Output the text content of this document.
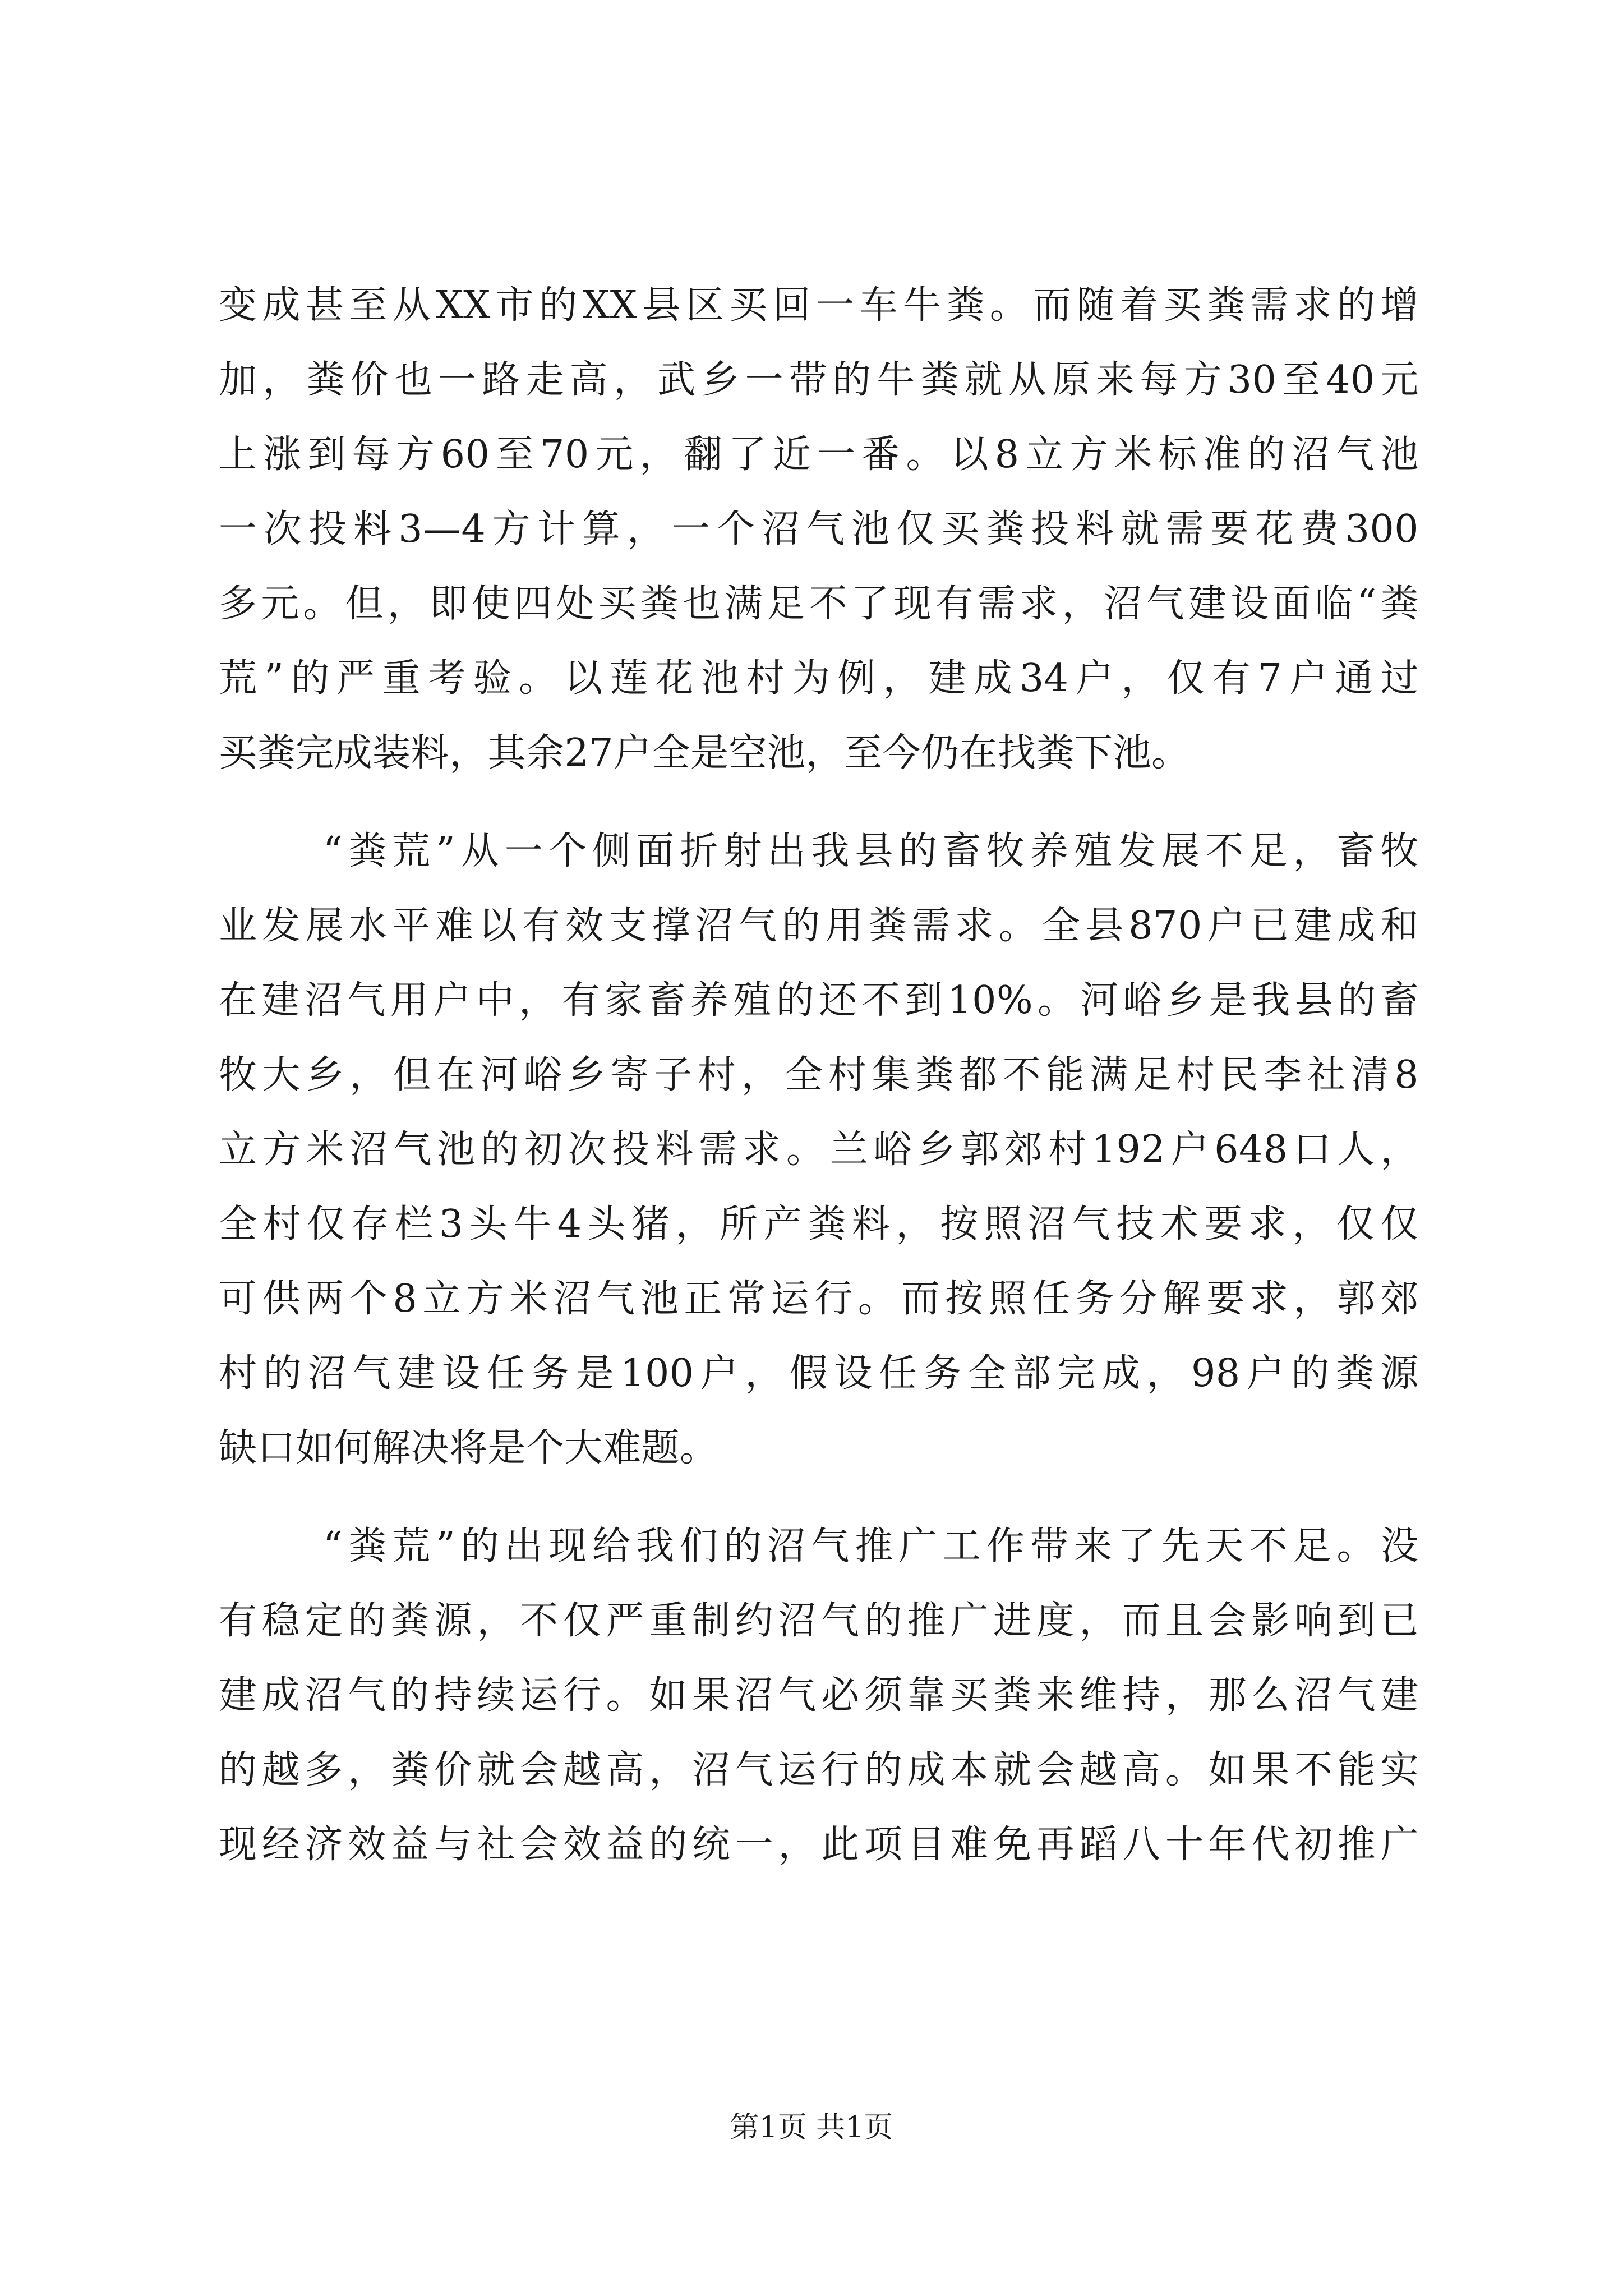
变成甚至从XX市的XX县区买回一车牛粪。而随着买粪需求的增
加，粪价也一路走高，武乡一带的牛粪就从原来每方30至40元
上涨到每方60至70元，翻了近一番。以8立方米标准的沼气池
一次投料3—4方计算，一个沼气池仅买粪投料就需要花费300
多元。但，即使四处买粪也满足不了现有需求，沼气建设面临“粪
荒”的严重考验。以莲花池村为例，建成34户，仅有7户通过
买粪完成装料，其余27户全是空池，至今仍在找粪下池。
“粪荒”从一个侧面折射出我县的畜牧养殖发展不足，畜牧
业发展水平难以有效支撑沼气的用粪需求。全县870户已建成和
在建沼气用户中，有家畜养殖的还不到10%。河峪乡是我县的畜
牧大乡，但在河峪乡寄子村，全村集粪都不能满足村民李社清8
立方米沼气池的初次投料需求。兰峪乡郭郊村192户648口人，
全村仅存栏3头牛4头猪，所产粪料，按照沼气技术要求，仅仅
可供两个8立方米沼气池正常运行。而按照任务分解要求，郭郊
村的沼气建设任务是100户，假设任务全部完成，98户的粪源
缺口如何解决将是个大难题。
“粪荒”的出现给我们的沼气推广工作带来了先天不足。没
有稳定的粪源，不仅严重制约沼气的推广进度，而且会影响到已
建成沼气的持续运行。如果沼气必须靠买粪来维持，那么沼气建
的越多，粪价就会越高，沼气运行的成本就会越高。如果不能实
现经济效益与社会效益的统一，此项目难免再蹈八十年代初推广
第1页 共1页
